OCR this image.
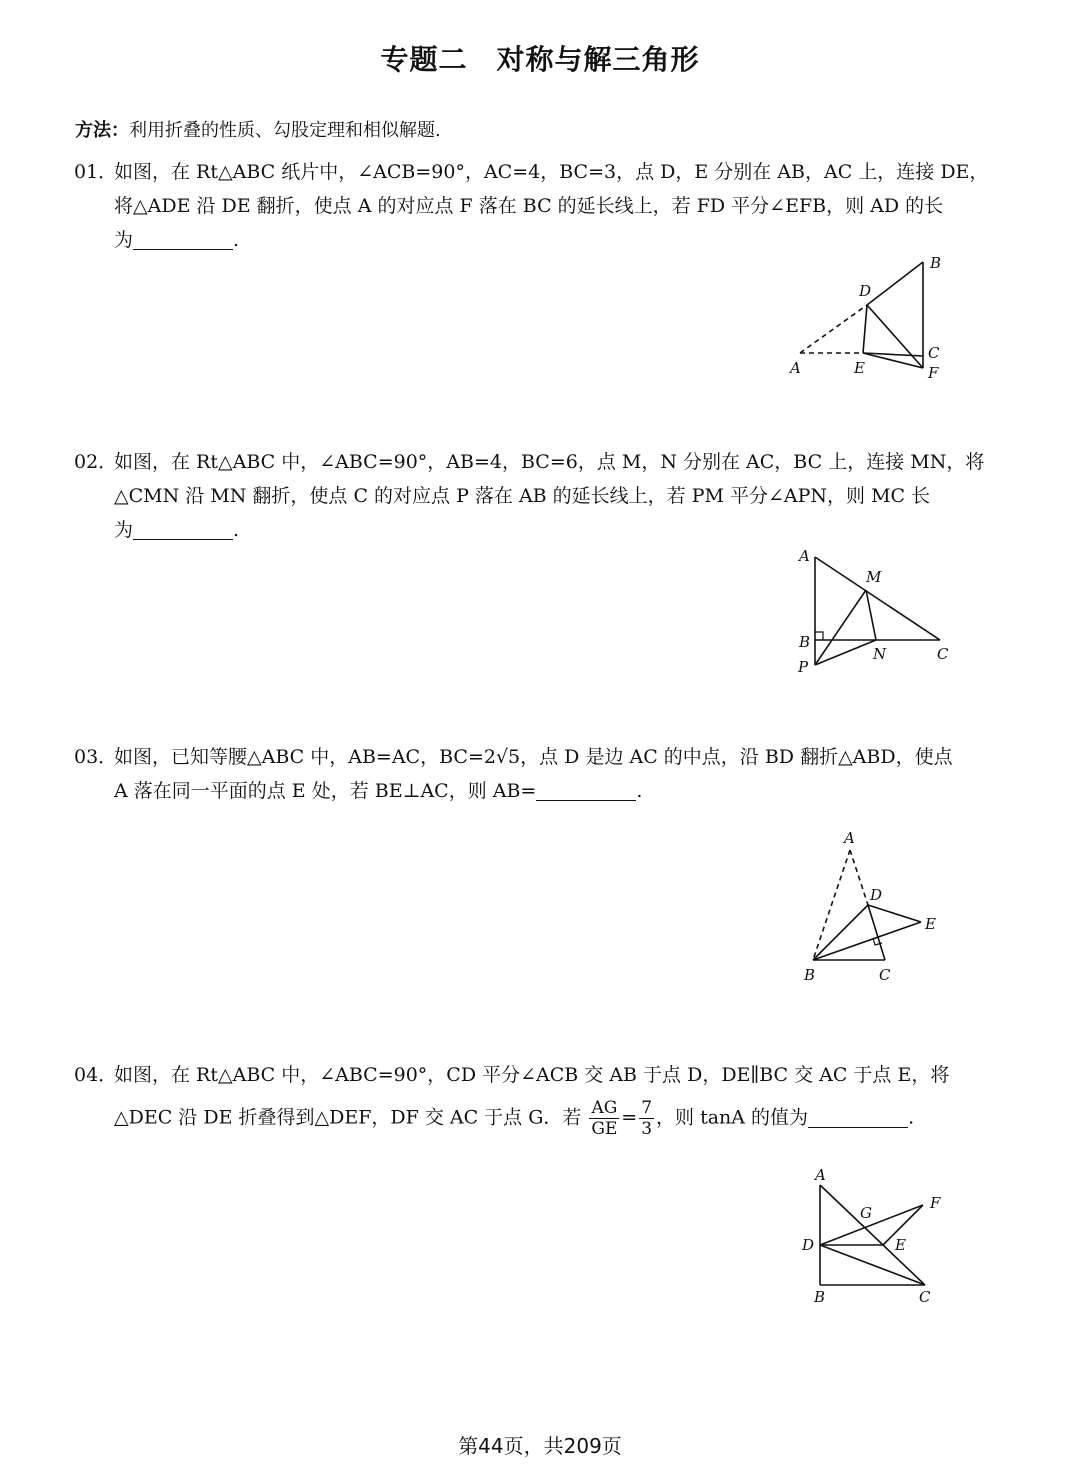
专题二　对称与解三角形
方法：利用折叠的性质、勾股定理和相似解题.
01．如图，在 Rt△ABC 纸片中，∠ACB=90°，AC=4，BC=3，点 D，E 分别在 AB，AC 上，连接 DE，
将△ADE 沿 DE 翻折，使点 A 的对应点 F 落在 BC 的延长线上，若 FD 平分∠EFB，则 AD 的长
为	.
A
B
C
D
E	F
02．如图，在 Rt△ABC 中，∠ABC=90°，AB=4，BC=6，点 M，N 分别在 AC，BC 上，连接 MN，将
△CMN 沿 MN 翻折，使点 C 的对应点 P 落在 AB 的延长线上，若 PM 平分∠APN，则 MC 长
为	.
A
B
C
M
N
P
03．如图，已知等腰△ABC 中，AB=AC，BC=2√5，点 D 是边 AC 的中点，沿 BD 翻折△ABD，使点
A 落在同一平面的点 E 处，若 BE⊥AC，则 AB=	.
A
B	C
D
E
04．如图，在 Rt△ABC 中，∠ABC=90°，CD 平分∠ACB 交 AB 于点 D，DE∥BC 交 AC 于点 E，将
△DEC 沿 DE 折叠得到△DEF，DF 交 AC 于点 G．若 $\frac{AG}{GE} = \frac{7}{3}$ ，则 tanA 的值为	.
A
B	C
D	E
F
G
第44页，共209页
